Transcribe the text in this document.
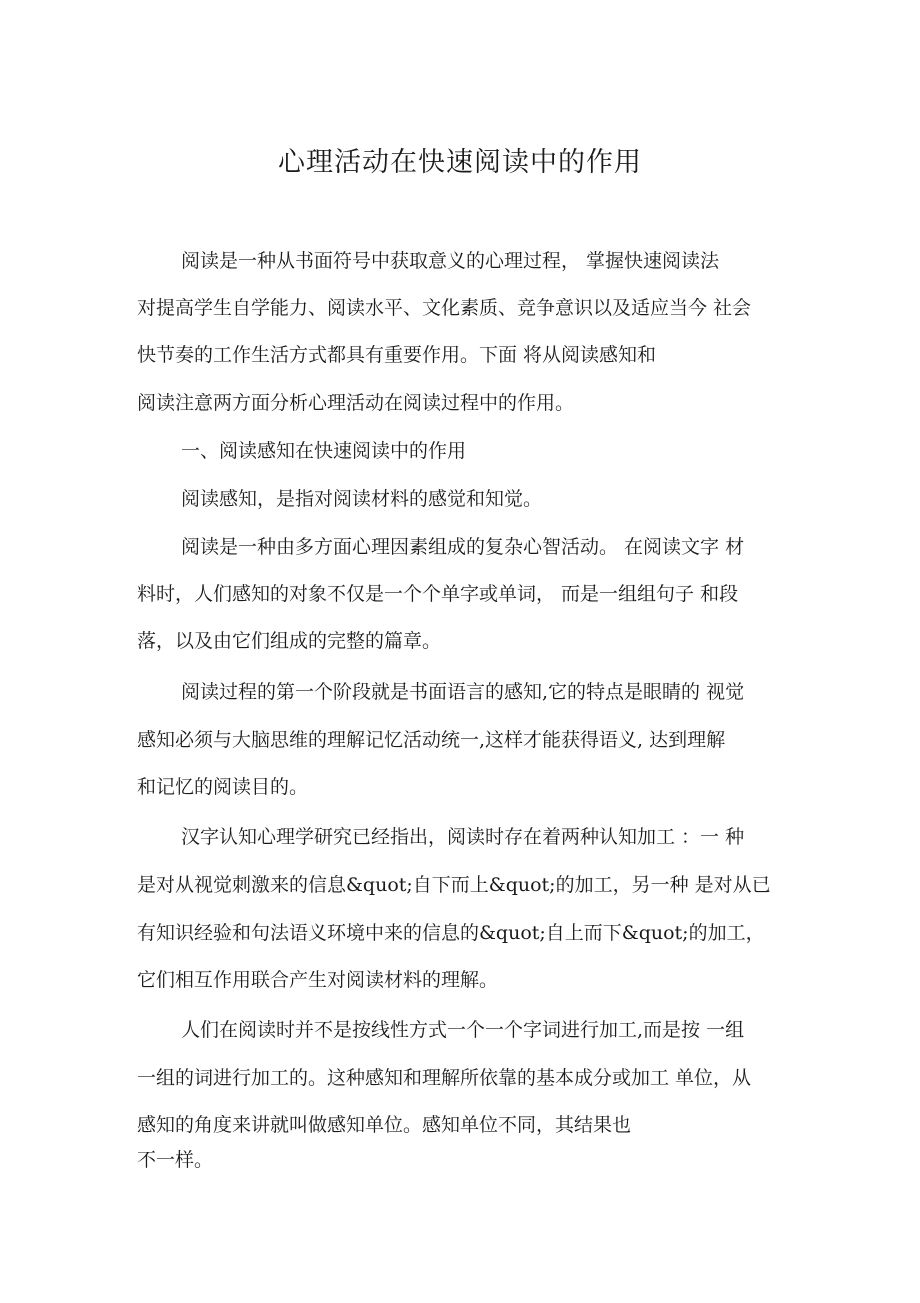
心理活动在快速阅读中的作用
阅读是一种从书面符号中获取意义的心理过程， 掌握快速阅读法
对提高学生自学能力、阅读水平、文化素质、竞争意识以及适应当今 社会
快节奏的工作生活方式都具有重要作用。下面 将从阅读感知和
阅读注意两方面分析心理活动在阅读过程中的作用。
一、阅读感知在快速阅读中的作用
阅读感知，是指对阅读材料的感觉和知觉。
阅读是一种由多方面心理因素组成的复杂心智活动。 在阅读文字 材
料时，人们感知的对象不仅是一个个单字或单词， 而是一组组句子 和段
落，以及由它们组成的完整的篇章。
阅读过程的第一个阶段就是书面语言的感知,它的特点是眼睛的 视觉
感知必须与大脑思维的理解记忆活动统一,这样才能获得语义, 达到理解
和记忆的阅读目的。
汉字认知心理学研究已经指出，阅读时存在着两种认知加工 ：一 种
是对从视觉刺激来的信息&quot;自下而上&quot;的加工，另一种 是对从已
有知识经验和句法语义环境中来的信息的&quot;自上而下&quot;的加工，
它们相互作用联合产生对阅读材料的理解。
人们在阅读时并不是按线性方式一个一个字词进行加工,而是按 一组
一组的词进行加工的。这种感知和理解所依靠的基本成分或加工 单位，从
感知的角度来讲就叫做感知单位。感知单位不同，其结果也
不一样。
